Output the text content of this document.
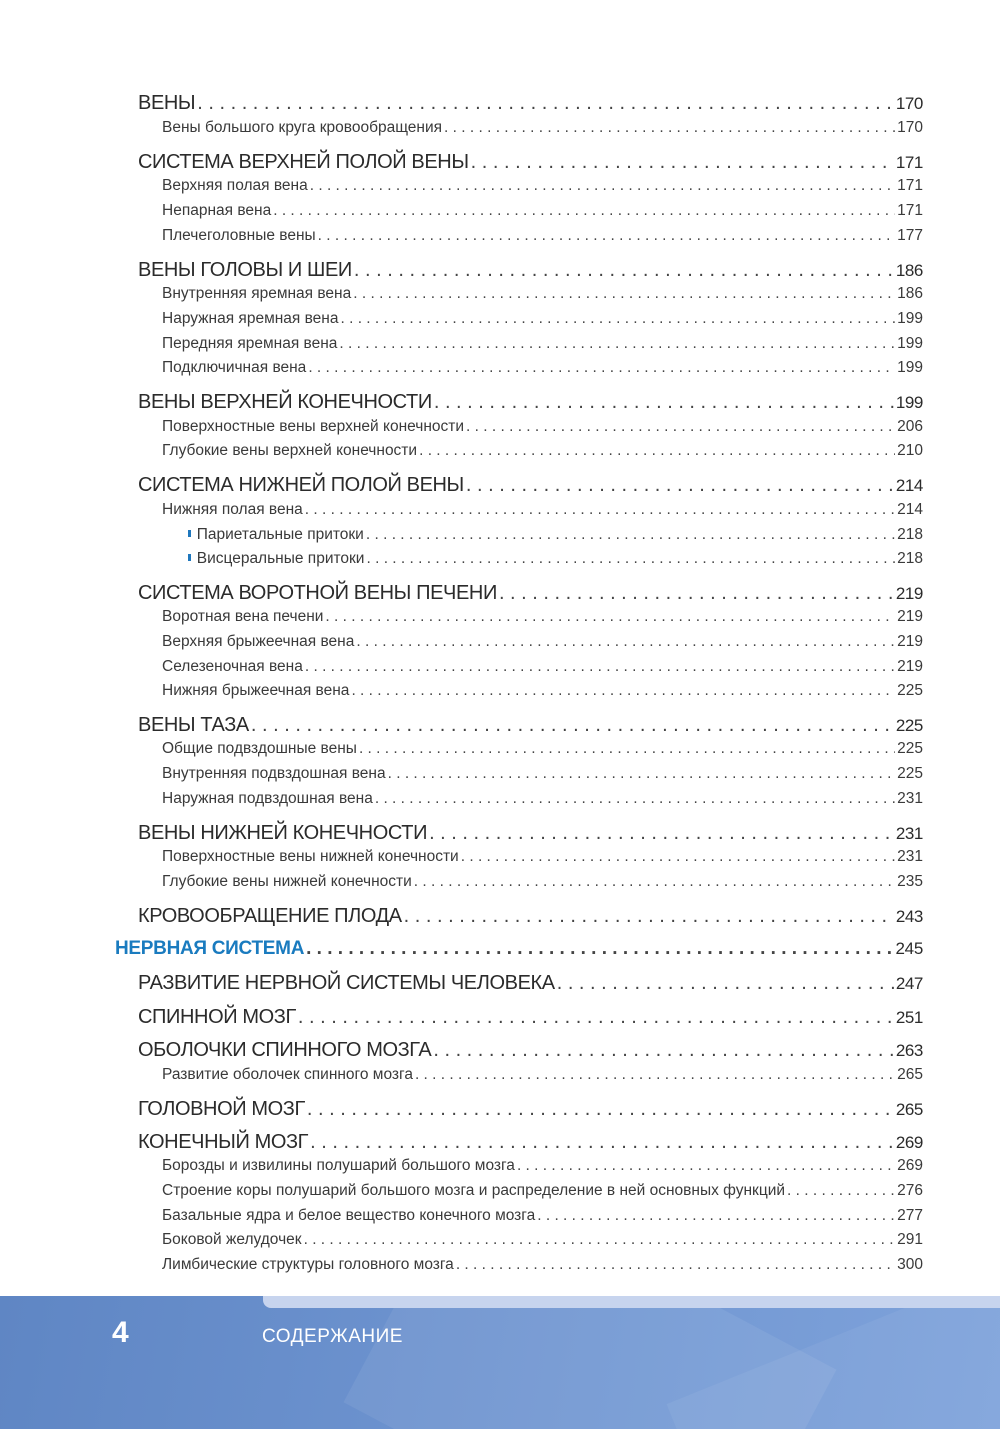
ВЕНЫ . . .	170
Вены большого круга кровообращения . . .	170
СИСТЕМА ВЕРХНЕЙ ПОЛОЙ ВЕНЫ . . .	171
Верхняя полая вена . . .	171
Непарная вена . . .	171
Плечеголовные вены . . .	177
ВЕНЫ ГОЛОВЫ И ШЕИ . . .	186
Внутренняя яремная вена . . .	186
Наружная яремная вена . . .	199
Передняя яремная вена . . .	199
Подключичная вена . . .	199
ВЕНЫ ВЕРХНЕЙ КОНЕЧНОСТИ . . .	199
Поверхностные вены верхней конечности . . .	206
Глубокие вены верхней конечности . . .	210
СИСТЕМА НИЖНЕЙ ПОЛОЙ ВЕНЫ . . .	214
Нижняя полая вена . . .	214
Париетальные притоки . . .	218
Висцеральные притоки . . .	218
СИСТЕМА ВОРОТНОЙ ВЕНЫ ПЕЧЕНИ . . .	219
Воротная вена печени . . .	219
Верхняя брыжеечная вена . . .	219
Селезеночная вена . . .	219
Нижняя брыжеечная вена . . .	225
ВЕНЫ ТАЗА . . .	225
Общие подвздошные вены . . .	225
Внутренняя подвздошная вена . . .	225
Наружная подвздошная вена . . .	231
ВЕНЫ НИЖНЕЙ КОНЕЧНОСТИ . . .	231
Поверхностные вены нижней конечности . . .	231
Глубокие вены нижней конечности . . .	235
КРОВООБРАЩЕНИЕ ПЛОДА . . .	243
НЕРВНАЯ СИСТЕМА . . .	245
РАЗВИТИЕ НЕРВНОЙ СИСТЕМЫ ЧЕЛОВЕКА . . .	247
СПИННОЙ МОЗГ . . .	251
ОБОЛОЧКИ СПИННОГО МОЗГА . . .	263
Развитие оболочек спинного мозга . . .	265
ГОЛОВНОЙ МОЗГ . . .	265
КОНЕЧНЫЙ МОЗГ . . .	269
Борозды и извилины полушарий большого мозга . . .	269
Строение коры полушарий большого мозга и распределение в ней основных функций . . .	276
Базальные ядра и белое вещество конечного мозга . . .	277
Боковой желудочек . . .	291
Лимбические структуры головного мозга . . .	300
4	СОДЕРЖАНИЕ
